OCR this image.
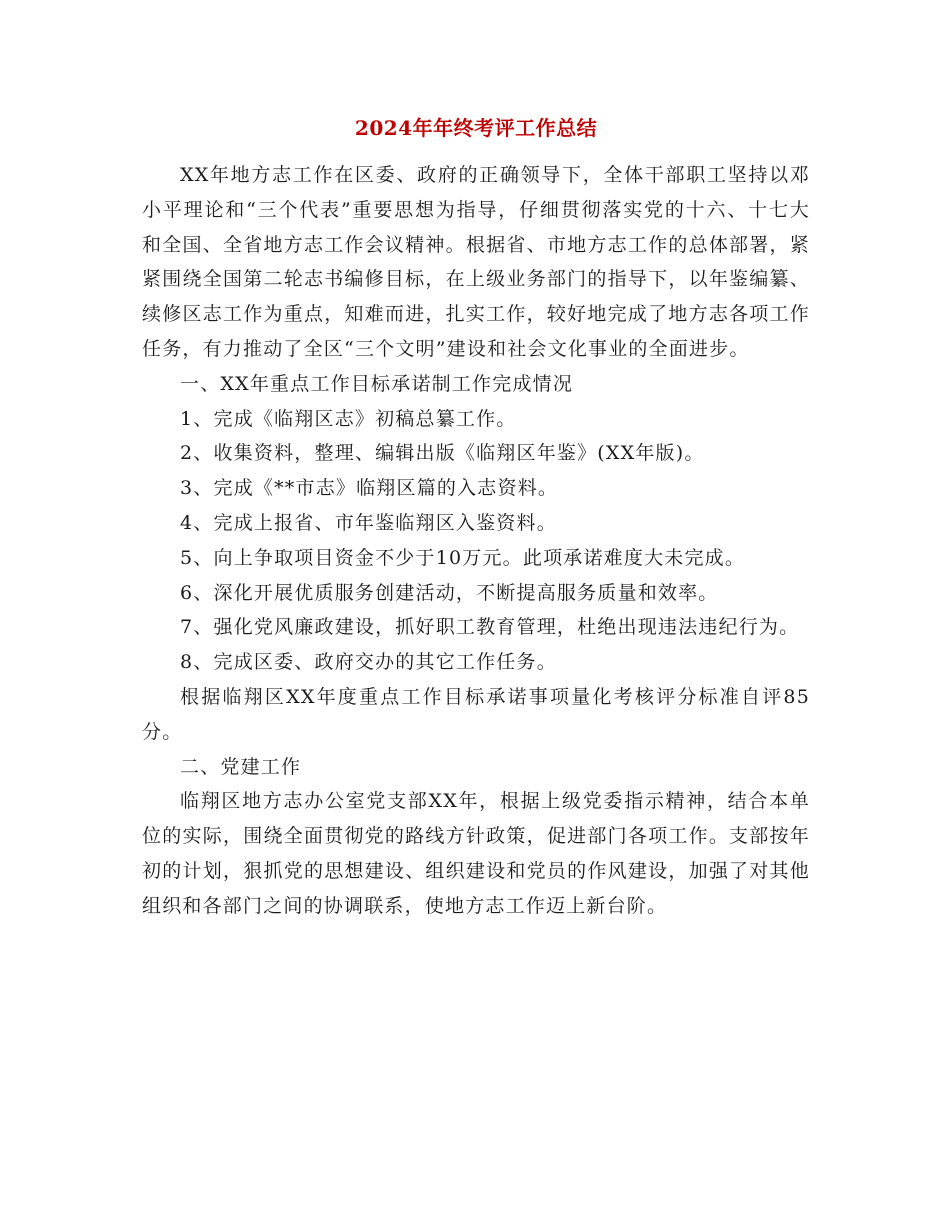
2024年年终考评工作总结

XX年地方志工作在区委、政府的正确领导下，全体干部职工坚持以邓小平理论和“三个代表”重要思想为指导，仔细贯彻落实党的十六、十七大和全国、全省地方志工作会议精神。根据省、市地方志工作的总体部署，紧紧围绕全国第二轮志书编修目标，在上级业务部门的指导下，以年鉴编纂、续修区志工作为重点，知难而进，扎实工作，较好地完成了地方志各项工作任务，有力推动了全区“三个文明”建设和社会文化事业的全面进步。

一、XX年重点工作目标承诺制工作完成情况

1、完成《临翔区志》初稿总纂工作。

2、收集资料，整理、编辑出版《临翔区年鉴》(XX年版)。

3、完成《**市志》临翔区篇的入志资料。

4、完成上报省、市年鉴临翔区入鉴资料。

5、向上争取项目资金不少于10万元。此项承诺难度大未完成。

6、深化开展优质服务创建活动，不断提高服务质量和效率。

7、强化党风廉政建设，抓好职工教育管理，杜绝出现违法违纪行为。

8、完成区委、政府交办的其它工作任务。

根据临翔区XX年度重点工作目标承诺事项量化考核评分标准自评85分。

二、党建工作

临翔区地方志办公室党支部XX年，根据上级党委指示精神，结合本单位的实际，围绕全面贯彻党的路线方针政策，促进部门各项工作。支部按年初的计划，狠抓党的思想建设、组织建设和党员的作风建设，加强了对其他组织和各部门之间的协调联系，使地方志工作迈上新台阶。
